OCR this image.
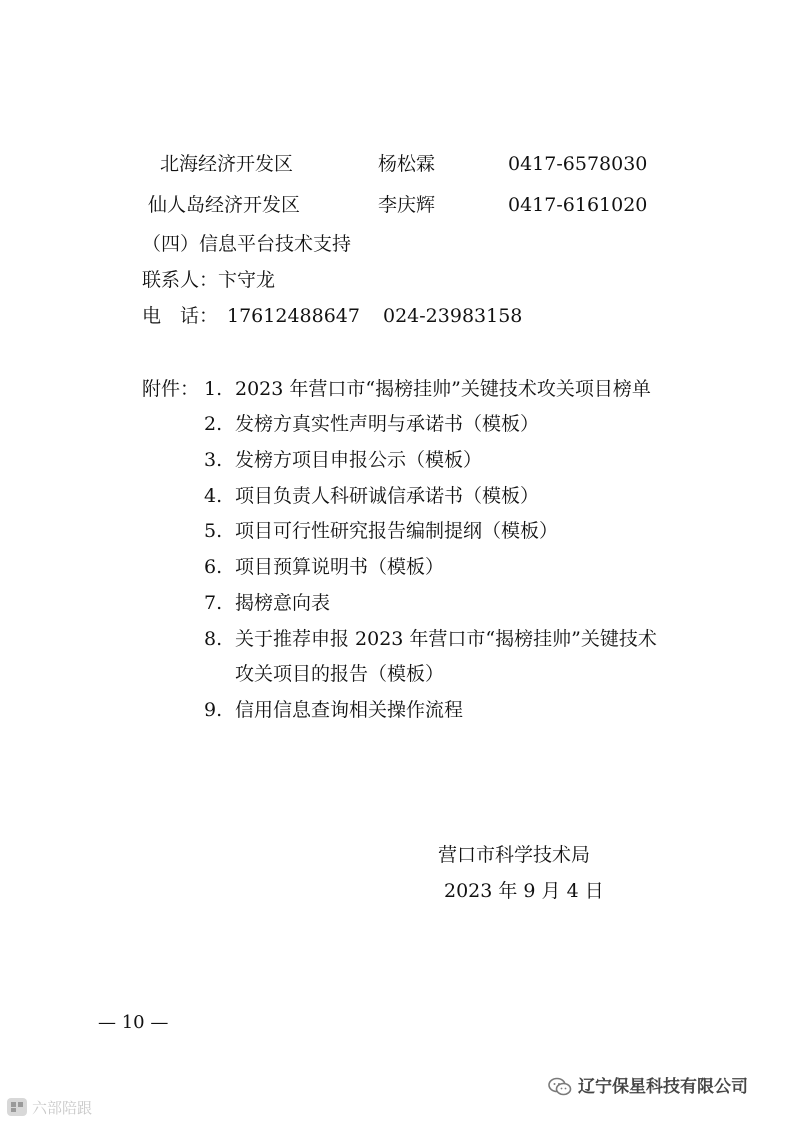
北海经济开发区	杨松霖	0417-6578030
仙人岛经济开发区	李庆辉	0417-6161020
（四）信息平台技术支持
联系人：卞守龙
电　话： 17612488647 024-23983158
附件： 1. 2023 年营口市“揭榜挂帅”关键技术攻关项目榜单
2. 发榜方真实性声明与承诺书（模板）
3. 发榜方项目申报公示（模板）
4. 项目负责人科研诚信承诺书（模板）
5. 项目可行性研究报告编制提纲（模板）
6. 项目预算说明书（模板）
7. 揭榜意向表
8. 关于推荐申报 2023 年营口市“揭榜挂帅”关键技术
攻关项目的报告（模板）
9. 信用信息查询相关操作流程
营口市科学技术局
2023 年 9 月 4 日
— 10 —
辽宁保星科技有限公司
六部陪跟
